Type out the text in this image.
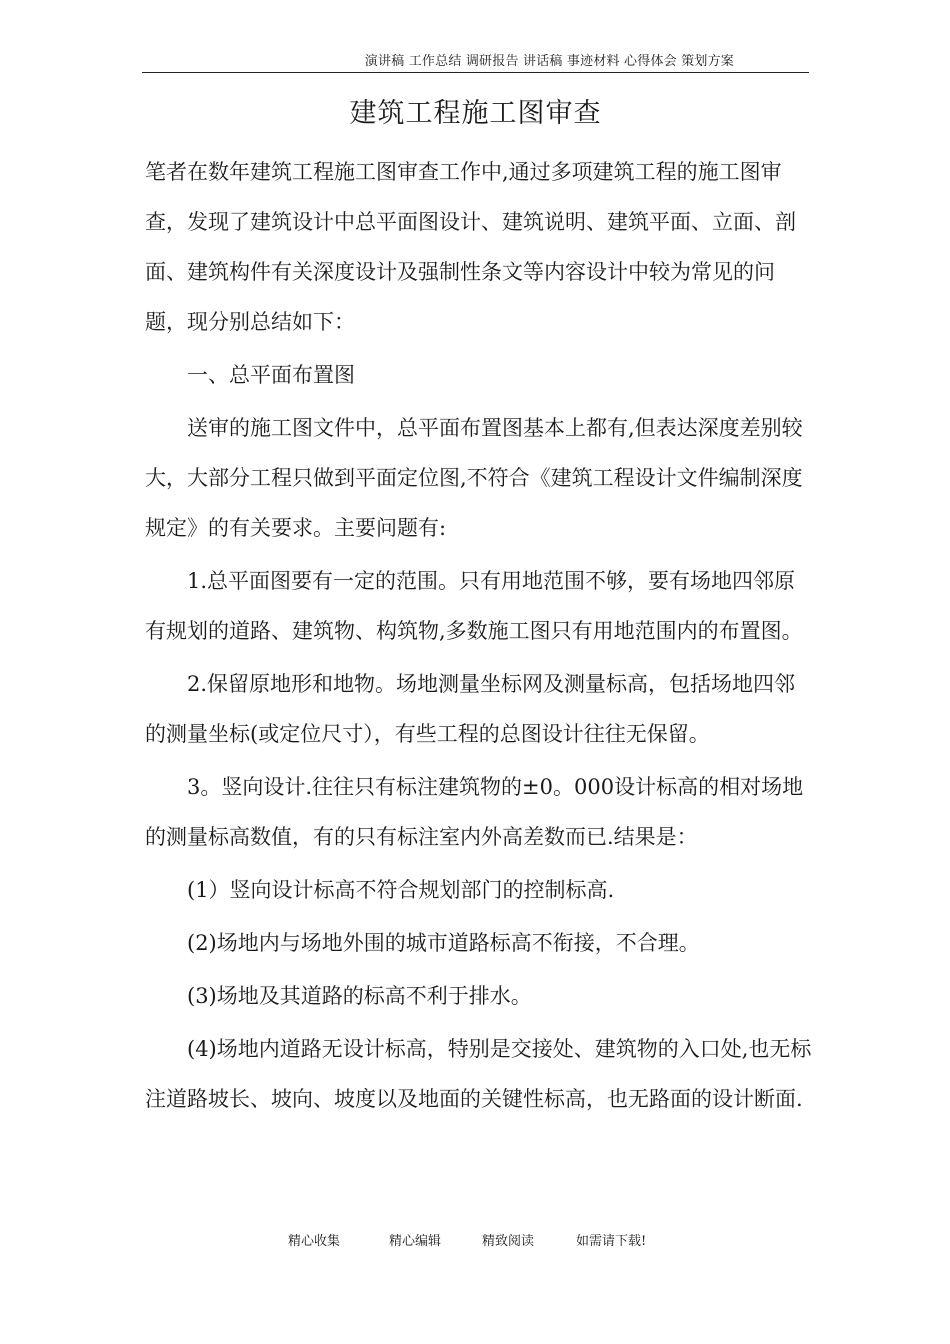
演讲稿 工作总结 调研报告 讲话稿 事迹材料 心得体会 策划方案
建筑工程施工图审查

笔者在数年建筑工程施工图审查工作中,通过多项建筑工程的施工图审查，发现了建筑设计中总平面图设计、建筑说明、建筑平面、立面、剖面、建筑构件有关深度设计及强制性条文等内容设计中较为常见的问题，现分别总结如下：

一、总平面布置图

送审的施工图文件中，总平面布置图基本上都有,但表达深度差别较大，大部分工程只做到平面定位图,不符合《建筑工程设计文件编制深度规定》的有关要求。主要问题有:

1.总平面图要有一定的范围。只有用地范围不够，要有场地四邻原有规划的道路、建筑物、构筑物,多数施工图只有用地范围内的布置图。

2.保留原地形和地物。场地测量坐标网及测量标高，包括场地四邻的测量坐标(或定位尺寸），有些工程的总图设计往往无保留。

3。竖向设计.往往只有标注建筑物的±0。000设计标高的相对场地的测量标高数值，有的只有标注室内外高差数而已.结果是：

(1）竖向设计标高不符合规划部门的控制标高.

(2)场地内与场地外围的城市道路标高不衔接，不合理。

(3)场地及其道路的标高不利于排水。

(4)场地内道路无设计标高，特别是交接处、建筑物的入口处,也无标注道路坡长、坡向、坡度以及地面的关键性标高，也无路面的设计断面.

精心收集	精心编辑	精致阅读	如需请下载!
